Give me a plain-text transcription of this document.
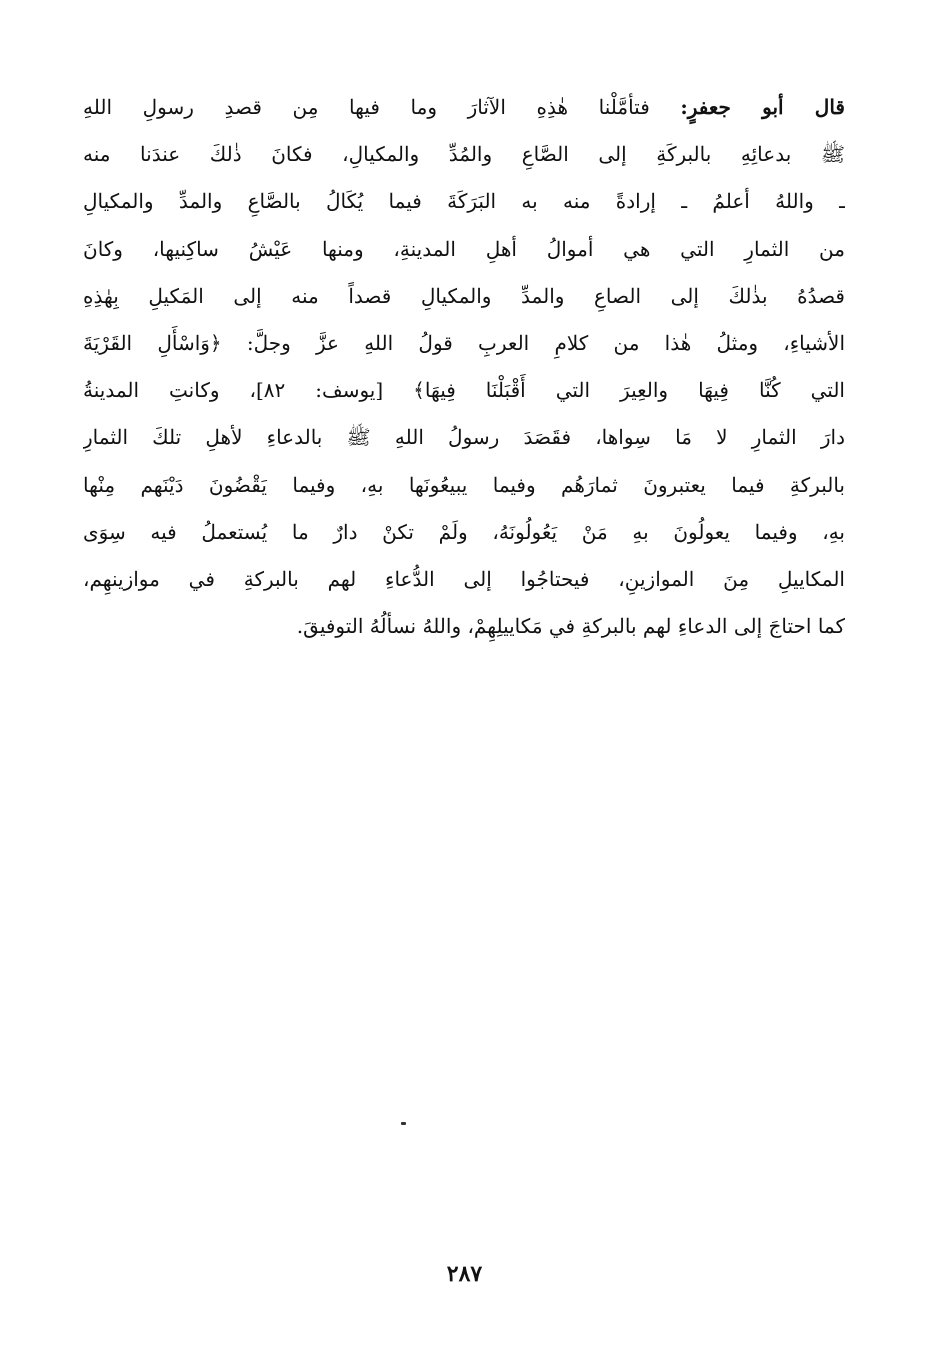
قال أبو جعفرٍ: فتأمَّلْنا هٰذِهِ الآثارَ وما فيها مِن قصدِ رسولِ اللهِ
ﷺ بدعائِهِ بالبركَةِ إلى الصَّاعِ والمُدِّ والمكيالِ، فكانَ ذٰلكَ عندَنا منه
ـ واللهُ أعلمُ ـ إرادةً منه به البَرَكَةَ فيما يُكَالُ بالصَّاعِ والمدِّ والمكيالِ
من الثمارِ التي هي أموالُ أهلِ المدينةِ، ومنها عَيْشُ ساكِنيها، وكانَ
قصدُهُ بذٰلكَ إلى الصاعِ والمدِّ والمكيالِ قصداً منه إلى المَكيلِ بِهٰذِهِ
الأشياءِ، ومثلُ هٰذا من كلامِ العربِ قولُ اللهِ عزَّ وجلَّ: ﴿وَاسْأَلِ القَرْيَةَ
التي كُنَّا فِيهَا والعِيرَ التي أَقْبَلْنَا فِيهَا﴾ [يوسف: ٨٢]، وكانتِ المدينةُ
دارَ الثمارِ لا مَا سِواها، فقَصَدَ رسولُ اللهِ ﷺ بالدعاءِ لأهلِ تلكَ الثمارِ
بالبركةِ فيما يعتبرونَ ثمارَهُم وفيما يبيعُونَها بهِ، وفيما يَقْضُونَ دَيْنَهم مِنْها
بهِ، وفيما يعولُونَ بهِ مَنْ يَعُولُونَهُ، ولَمْ تكنْ دارٌ ما يُستعملُ فيه سِوَى
المكاييلِ مِنَ الموازينِ، فيحتاجُوا إلى الدُّعاءِ لهم بالبركةِ في موازينهِم،
كما احتاجَ إلى الدعاءِ لهم بالبركةِ في مَكاييلِهِمْ، واللهُ نسألُهُ التوفيقَ.
٢٨٧
